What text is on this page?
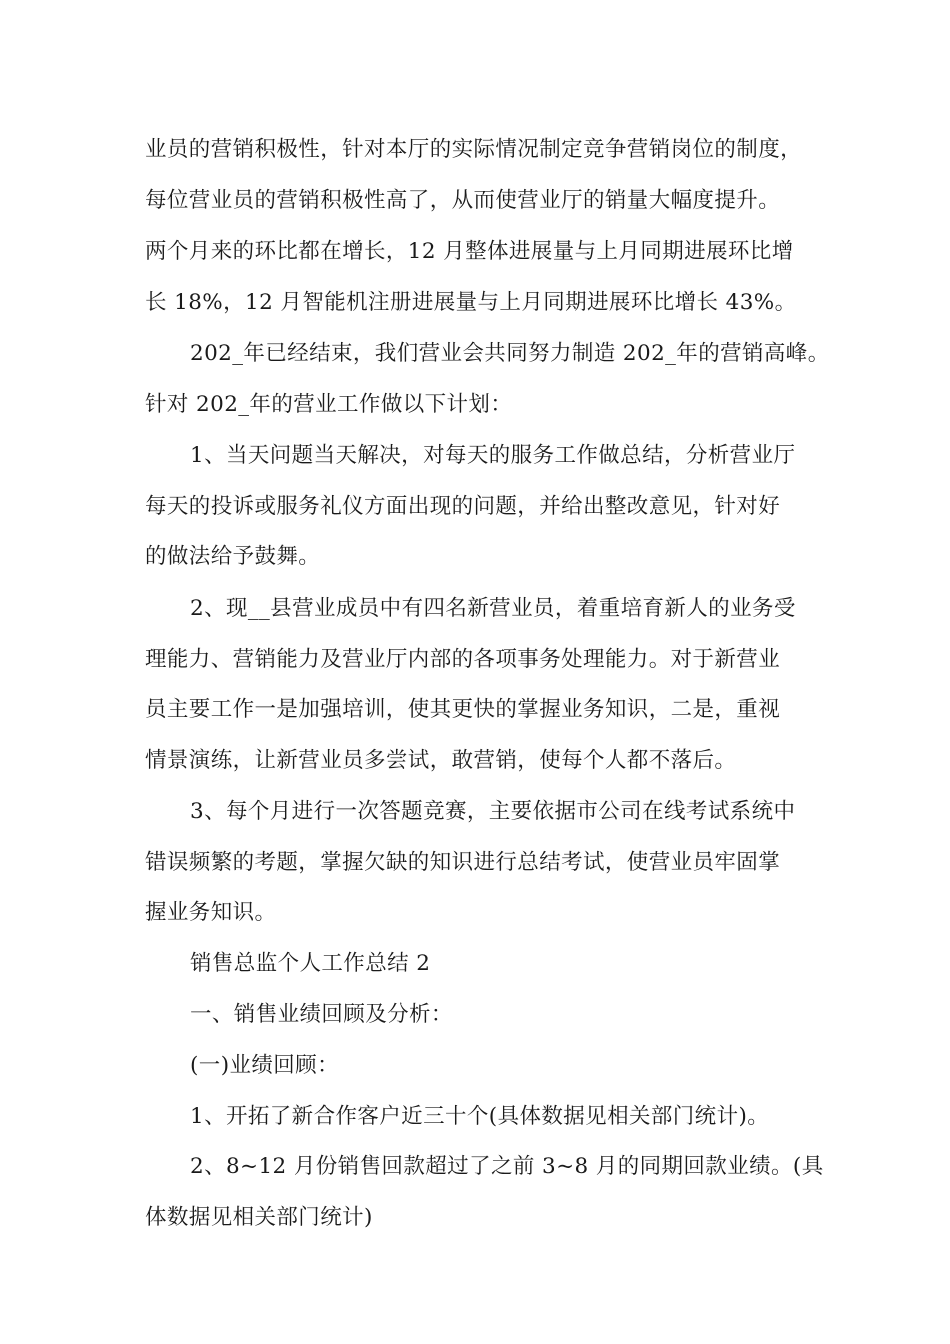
业员的营销积极性，针对本厅的实际情况制定竞争营销岗位的制度，
每位营业员的营销积极性高了，从而使营业厅的销量大幅度提升。
两个月来的环比都在增长，12 月整体进展量与上月同期进展环比增
长 18%，12 月智能机注册进展量与上月同期进展环比增长 43%。
202_年已经结束，我们营业会共同努力制造 202_年的营销高峰。
针对 202_年的营业工作做以下计划：
1、当天问题当天解决，对每天的服务工作做总结，分析营业厅
每天的投诉或服务礼仪方面出现的问题，并给出整改意见，针对好
的做法给予鼓舞。
2、现__县营业成员中有四名新营业员，着重培育新人的业务受
理能力、营销能力及营业厅内部的各项事务处理能力。对于新营业
员主要工作一是加强培训，使其更快的掌握业务知识，二是，重视
情景演练，让新营业员多尝试，敢营销，使每个人都不落后。
3、每个月进行一次答题竞赛，主要依据市公司在线考试系统中
错误频繁的考题，掌握欠缺的知识进行总结考试，使营业员牢固掌
握业务知识。
销售总监个人工作总结 2
一、销售业绩回顾及分析：
(一)业绩回顾：
1、开拓了新合作客户近三十个(具体数据见相关部门统计)。
2、8~12 月份销售回款超过了之前 3~8 月的同期回款业绩。(具
体数据见相关部门统计)
